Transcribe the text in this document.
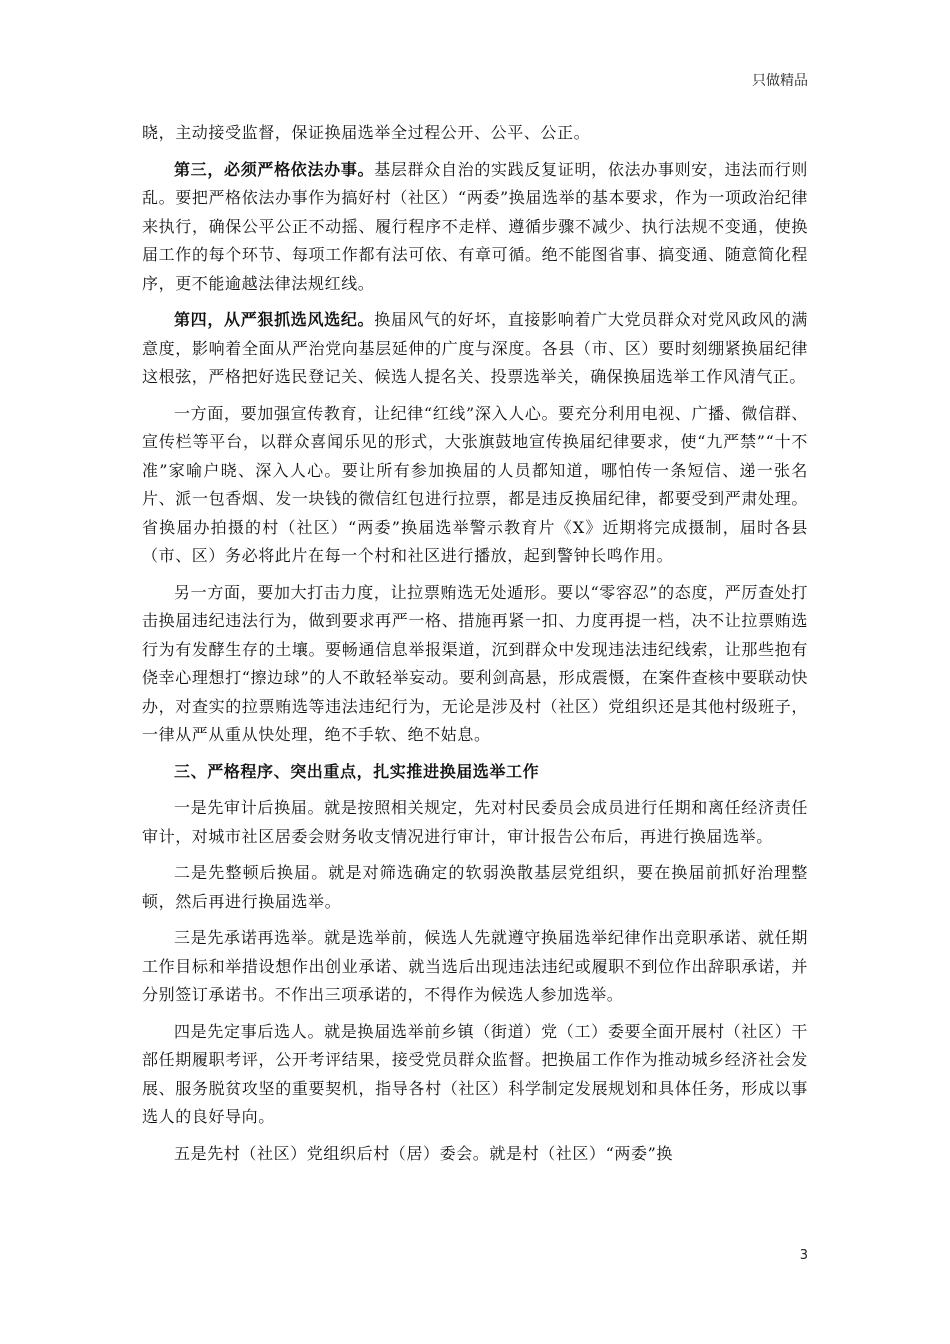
只做精品

晓，主动接受监督，保证换届选举全过程公开、公平、公正。

第三，必须严格依法办事。基层群众自治的实践反复证明，依法办事则安，违法而行则乱。要把严格依法办事作为搞好村（社区）“两委”换届选举的基本要求，作为一项政治纪律来执行，确保公平公正不动摇、履行程序不走样、遵循步骤不减少、执行法规不变通，使换届工作的每个环节、每项工作都有法可依、有章可循。绝不能图省事、搞变通、随意简化程序，更不能逾越法律法规红线。

第四，从严狠抓选风选纪。换届风气的好坏，直接影响着广大党员群众对党风政风的满意度，影响着全面从严治党向基层延伸的广度与深度。各县（市、区）要时刻绷紧换届纪律这根弦，严格把好选民登记关、候选人提名关、投票选举关，确保换届选举工作风清气正。

一方面，要加强宣传教育，让纪律“红线”深入人心。要充分利用电视、广播、微信群、宣传栏等平台，以群众喜闻乐见的形式，大张旗鼓地宣传换届纪律要求，使“九严禁”“十不准”家喻户晓、深入人心。要让所有参加换届的人员都知道，哪怕传一条短信、递一张名片、派一包香烟、发一块钱的微信红包进行拉票，都是违反换届纪律，都要受到严肃处理。省换届办拍摄的村（社区）“两委”换届选举警示教育片《X》近期将完成摄制，届时各县（市、区）务必将此片在每一个村和社区进行播放，起到警钟长鸣作用。

另一方面，要加大打击力度，让拉票贿选无处遁形。要以“零容忍”的态度，严厉查处打击换届违纪违法行为，做到要求再严一格、措施再紧一扣、力度再提一档，决不让拉票贿选行为有发酵生存的土壤。要畅通信息举报渠道，沉到群众中发现违法违纪线索，让那些抱有侥幸心理想打“擦边球”的人不敢轻举妄动。要利剑高悬，形成震慑，在案件查核中要联动快办，对查实的拉票贿选等违法违纪行为，无论是涉及村（社区）党组织还是其他村级班子，一律从严从重从快处理，绝不手软、绝不姑息。

三、严格程序、突出重点，扎实推进换届选举工作

一是先审计后换届。就是按照相关规定，先对村民委员会成员进行任期和离任经济责任审计，对城市社区居委会财务收支情况进行审计，审计报告公布后，再进行换届选举。

二是先整顿后换届。就是对筛选确定的软弱涣散基层党组织，要在换届前抓好治理整顿，然后再进行换届选举。

三是先承诺再选举。就是选举前，候选人先就遵守换届选举纪律作出竞职承诺、就任期工作目标和举措设想作出创业承诺、就当选后出现违法违纪或履职不到位作出辞职承诺，并分别签订承诺书。不作出三项承诺的，不得作为候选人参加选举。

四是先定事后选人。就是换届选举前乡镇（街道）党（工）委要全面开展村（社区）干部任期履职考评，公开考评结果，接受党员群众监督。把换届工作作为推动城乡经济社会发展、服务脱贫攻坚的重要契机，指导各村（社区）科学制定发展规划和具体任务，形成以事选人的良好导向。

五是先村（社区）党组织后村（居）委会。就是村（社区）“两委”换

3
